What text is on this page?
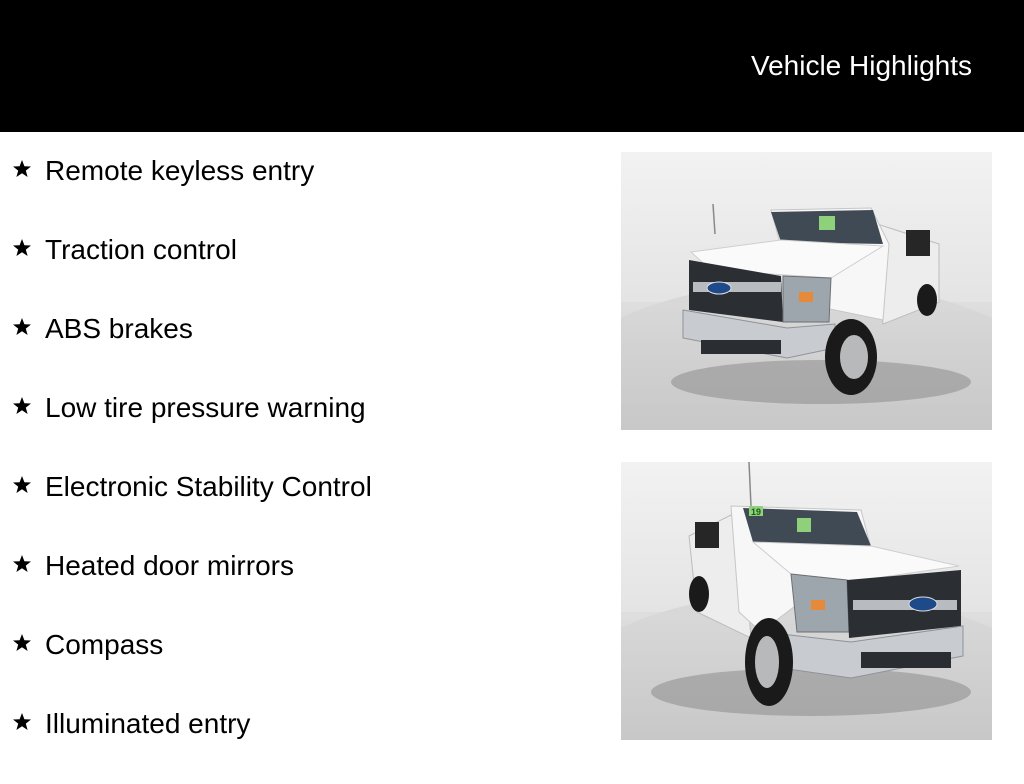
Vehicle Highlights
Remote keyless entry
Traction control
ABS brakes
Low tire pressure warning
Electronic Stability Control
Heated door mirrors
Compass
Illuminated entry
19
